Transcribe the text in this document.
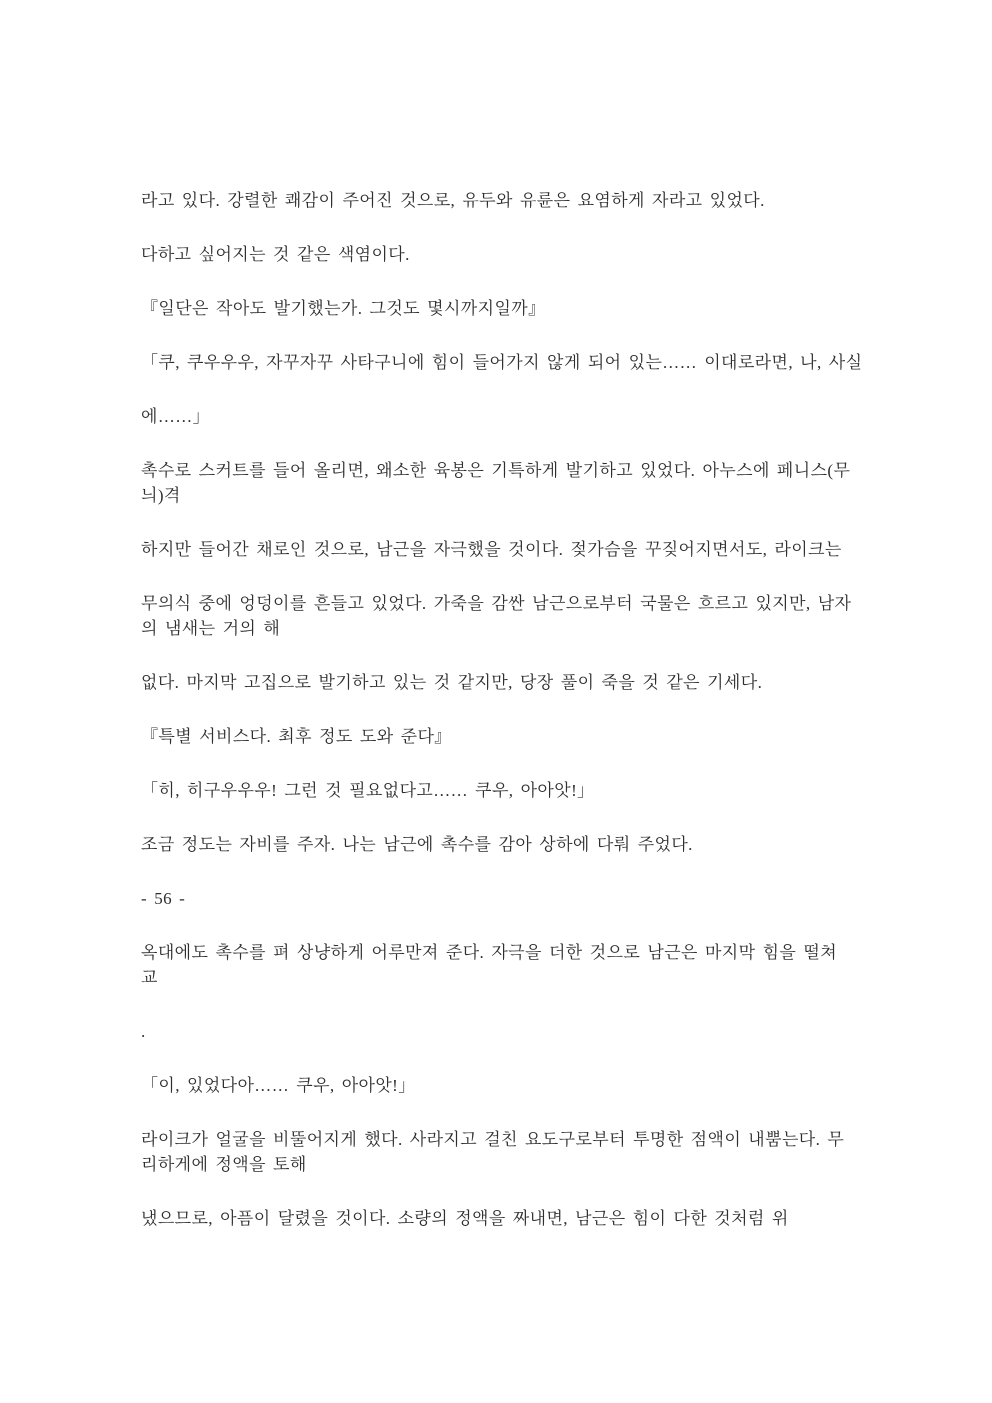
라고 있다. 강렬한 쾌감이 주어진 것으로, 유두와 유륜은 요염하게 자라고 있었다.

다하고 싶어지는 것 같은 색염이다.

『일단은 작아도 발기했는가. 그것도 몇시까지일까』

「쿠, 쿠우우우, 자꾸자꾸 사타구니에 힘이 들어가지 않게 되어 있는…… 이대로라면, 나, 사실

에……」

촉수로 스커트를 들어 올리면, 왜소한 육봉은 기특하게 발기하고 있었다. 아누스에 페니스(무
늬)격

하지만 들어간 채로인 것으로, 남근을 자극했을 것이다. 젖가슴을 꾸짖어지면서도, 라이크는

무의식 중에 엉덩이를 흔들고 있었다. 가죽을 감싼 남근으로부터 국물은 흐르고 있지만, 남자
의 냄새는 거의 해

없다. 마지막 고집으로 발기하고 있는 것 같지만, 당장 풀이 죽을 것 같은 기세다.

『특별 서비스다. 최후 정도 도와 준다』

「히, 히구우우우! 그런 것 필요없다고…… 쿠우, 아아앗!」

조금 정도는 자비를 주자. 나는 남근에 촉수를 감아 상하에 다뤄 주었다.

- 56 -

옥대에도 촉수를 펴 상냥하게 어루만져 준다. 자극을 더한 것으로 남근은 마지막 힘을 떨쳐
교

.

「이, 있었다아…… 쿠우, 아아앗!」

라이크가 얼굴을 비뚤어지게 했다. 사라지고 걸친 요도구로부터 투명한 점액이 내뿜는다. 무
리하게에 정액을 토해

냈으므로, 아픔이 달렸을 것이다. 소량의 정액을 짜내면, 남근은 힘이 다한 것처럼 위
